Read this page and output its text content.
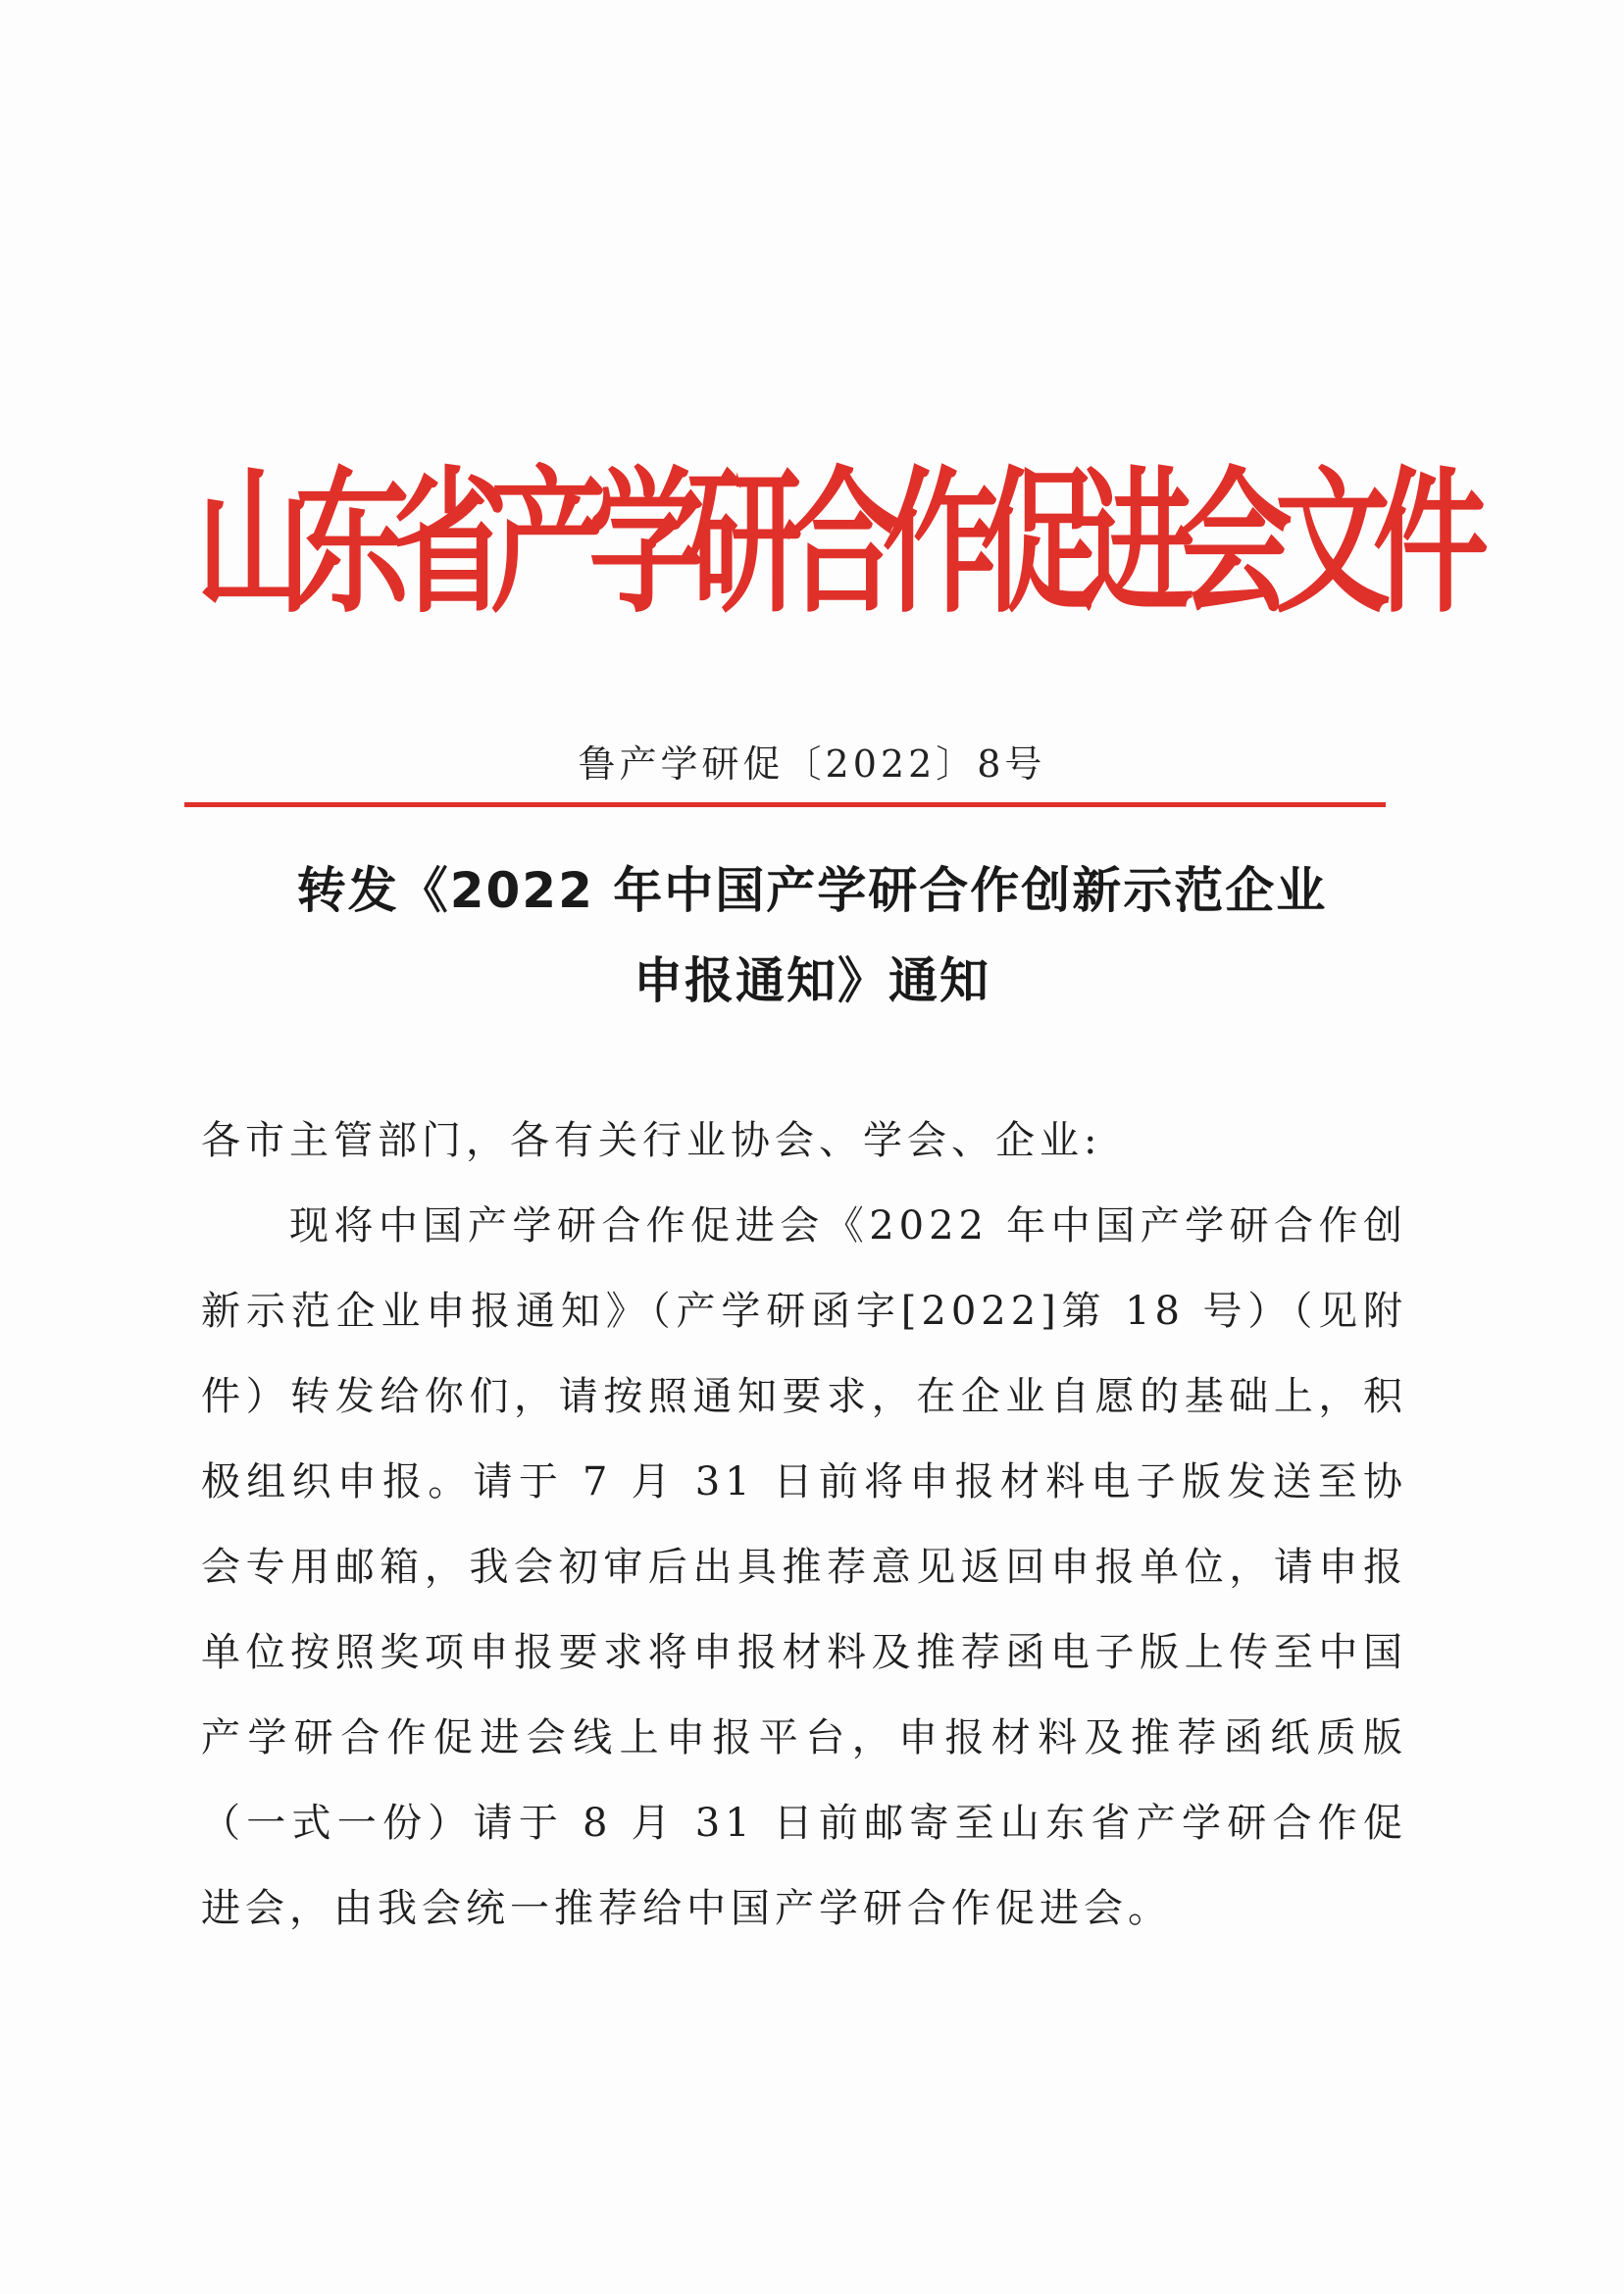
山
东
省
产
学
研
合
作
促
进
会
文
件
鲁产学研促〔2022〕8号
转发《2022 年中国产学研合作创新示范企业
申报通知》通知

各市主管部门，各有关行业协会、学会、企业:

现将中国产学研合作促进会《2022 年中国产学研合作创新示范企业申报通知》（产学研函字[2022]第 18 号）（见附件）转发给你们，请按照通知要求，在企业自愿的基础上，积极组织申报。请于 7 月 31 日前将申报材料电子版发送至协会专用邮箱，我会初审后出具推荐意见返回申报单位，请申报单位按照奖项申报要求将申报材料及推荐函电子版上传至中国产学研合作促进会线上申报平台，申报材料及推荐函纸质版（一式一份）请于 8 月 31 日前邮寄至山东省产学研合作促进会，由我会统一推荐给中国产学研合作促进会。
